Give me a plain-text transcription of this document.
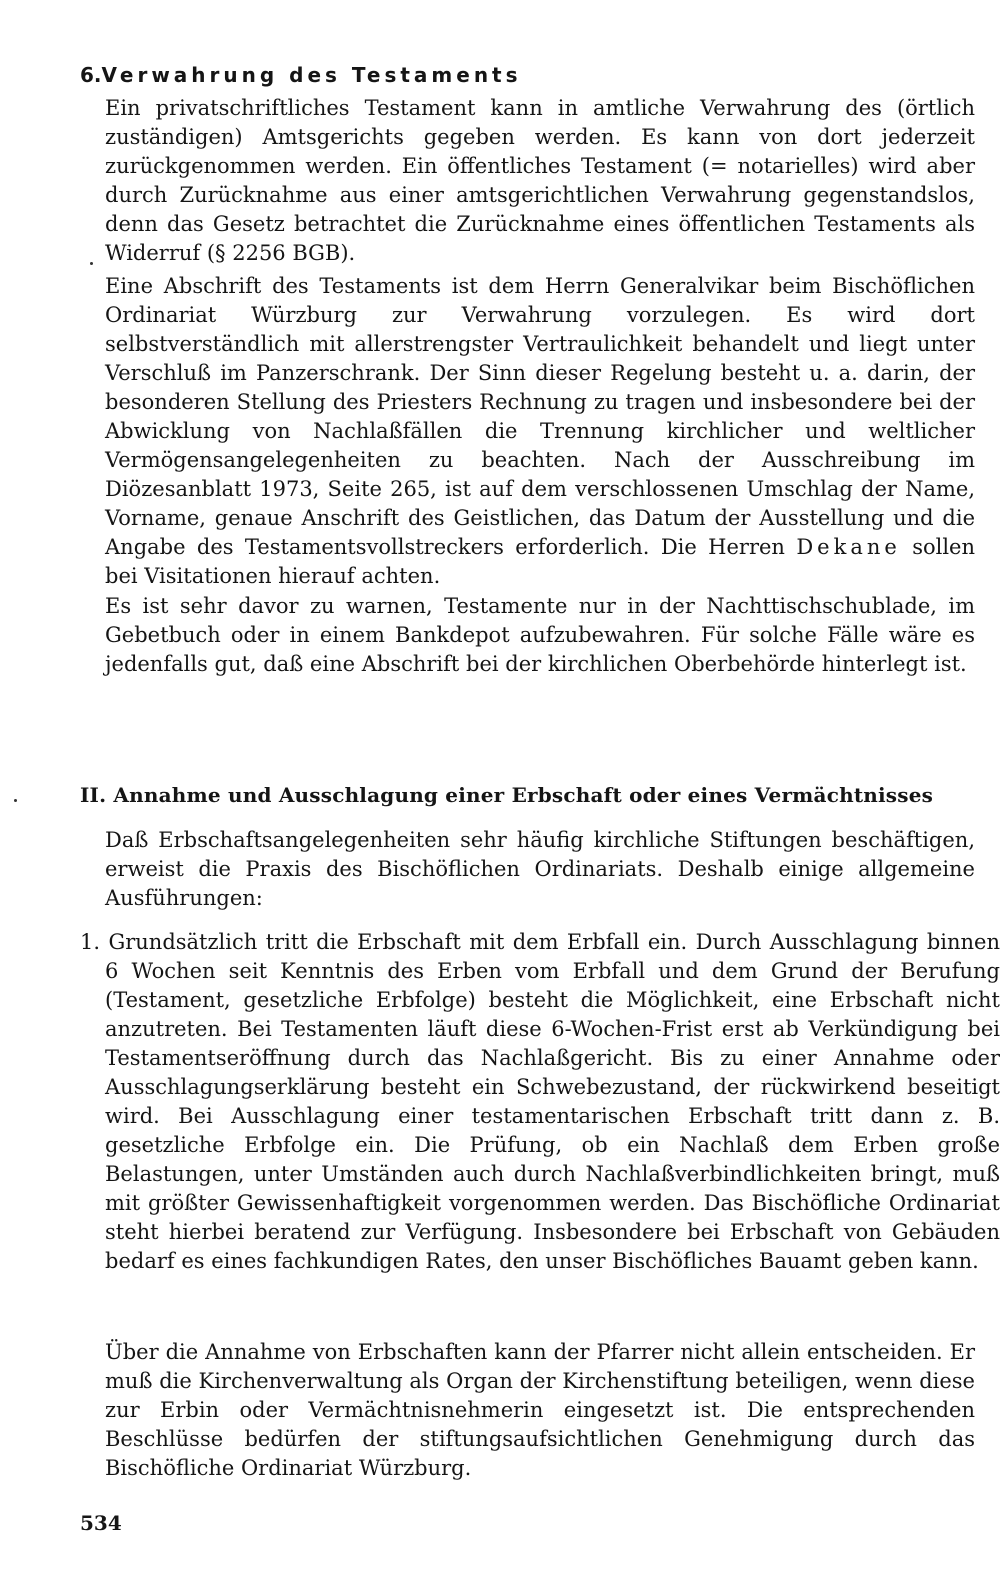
6.Verwahrung des Testaments
Ein privatschriftliches Testament kann in amtliche Verwahrung des (örtlich zuständigen) Amtsgerichts gegeben werden. Es kann von dort jederzeit zurückgenommen werden. Ein öffentliches Testament (= notarielles) wird aber durch Zurücknahme aus einer amtsgerichtlichen Verwahrung gegenstandslos, denn das Gesetz betrachtet die Zurücknahme eines öffentlichen Testaments als Widerruf (§ 2256 BGB).
Eine Abschrift des Testaments ist dem Herrn Generalvikar beim Bischöflichen Ordinariat Würzburg zur Verwahrung vorzulegen. Es wird dort selbstverständlich mit allerstrengster Vertraulichkeit behandelt und liegt unter Verschluß im Panzerschrank. Der Sinn dieser Regelung besteht u. a. darin, der besonderen Stellung des Priesters Rechnung zu tragen und insbesondere bei der Abwicklung von Nachlaßfällen die Trennung kirchlicher und weltlicher Vermögensangelegenheiten zu beachten. Nach der Ausschreibung im Diözesanblatt 1973, Seite 265, ist auf dem verschlossenen Umschlag der Name, Vorname, genaue Anschrift des Geistlichen, das Datum der Ausstellung und die Angabe des Testamentsvollstreckers erforderlich. Die Herren Dekane sollen bei Visitationen hierauf achten.
Es ist sehr davor zu warnen, Testamente nur in der Nachttischschublade, im Gebetbuch oder in einem Bankdepot aufzubewahren. Für solche Fälle wäre es jedenfalls gut, daß eine Abschrift bei der kirchlichen Oberbehörde hinterlegt ist.
II. Annahme und Ausschlagung einer Erbschaft oder eines Vermächtnisses
Daß Erbschaftsangelegenheiten sehr häufig kirchliche Stiftungen beschäftigen, erweist die Praxis des Bischöflichen Ordinariats. Deshalb einige allgemeine Ausführungen:
1. Grundsätzlich tritt die Erbschaft mit dem Erbfall ein. Durch Ausschlagung binnen 6 Wochen seit Kenntnis des Erben vom Erbfall und dem Grund der Berufung (Testament, gesetzliche Erbfolge) besteht die Möglichkeit, eine Erbschaft nicht anzutreten. Bei Testamenten läuft diese 6-Wochen-Frist erst ab Verkündigung bei Testamentseröffnung durch das Nachlaßgericht. Bis zu einer Annahme oder Ausschlagungserklärung besteht ein Schwebezustand, der rückwirkend beseitigt wird. Bei Ausschlagung einer testamentarischen Erbschaft tritt dann z. B. gesetzliche Erbfolge ein. Die Prüfung, ob ein Nachlaß dem Erben große Belastungen, unter Umständen auch durch Nachlaßverbindlichkeiten bringt, muß mit größter Gewissenhaftigkeit vorgenommen werden. Das Bischöfliche Ordinariat steht hierbei beratend zur Verfügung. Insbesondere bei Erbschaft von Gebäuden bedarf es eines fachkundigen Rates, den unser Bischöfliches Bauamt geben kann.
Über die Annahme von Erbschaften kann der Pfarrer nicht allein entscheiden. Er muß die Kirchenverwaltung als Organ der Kirchenstiftung beteiligen, wenn diese zur Erbin oder Vermächtnisnehmerin eingesetzt ist. Die entsprechenden Beschlüsse bedürfen der stiftungsaufsichtlichen Genehmigung durch das Bischöfliche Ordinariat Würzburg.
534
